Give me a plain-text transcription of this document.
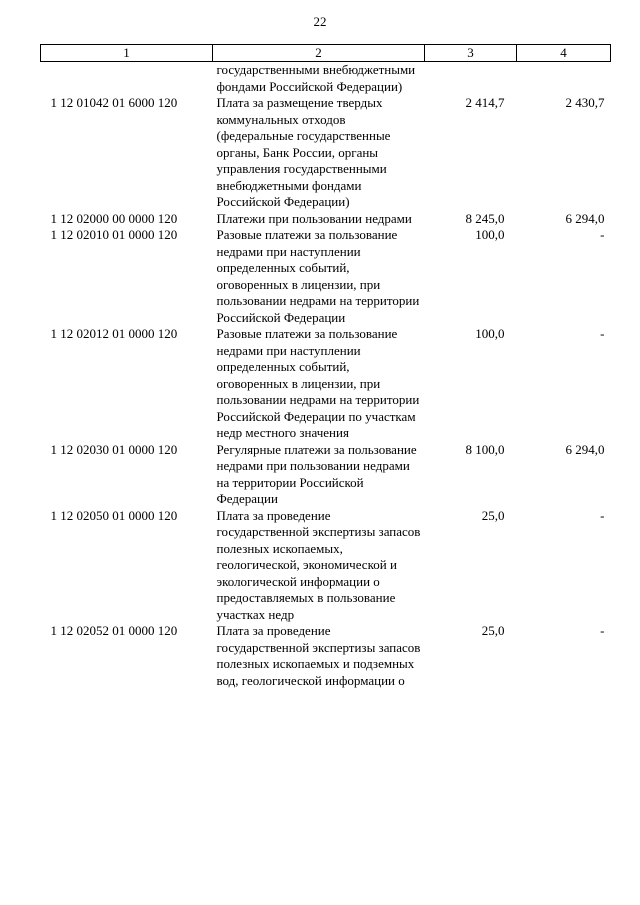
22
1	2	3	4
	государственными внебюджетными фондами Российской Федерации)		
1 12 01042 01 6000 120	Плата за размещение твердых коммунальных отходов (федеральные государственные органы, Банк России, органы управления государственными внебюджетными фондами Российской Федерации)	2 414,7	2 430,7
1 12 02000 00 0000 120	Платежи при пользовании недрами	8 245,0	6 294,0
1 12 02010 01 0000 120	Разовые платежи за пользование недрами при наступлении определенных событий, оговоренных в лицензии, при пользовании недрами на территории Российской Федерации	100,0	-
1 12 02012 01 0000 120	Разовые платежи за пользование недрами при наступлении определенных событий, оговоренных в лицензии, при пользовании недрами на территории Российской Федерации по участкам недр местного значения	100,0	-
1 12 02030 01 0000 120	Регулярные платежи за пользование недрами при пользовании недрами на территории Российской Федерации	8 100,0	6 294,0
1 12 02050 01 0000 120	Плата за проведение государственной экспертизы запасов полезных ископаемых, геологической, экономической и экологической информации о предоставляемых в пользование участках недр	25,0	-
1 12 02052 01 0000 120	Плата за проведение государственной экспертизы запасов полезных ископаемых и подземных вод, геологической информации о	25,0	-
